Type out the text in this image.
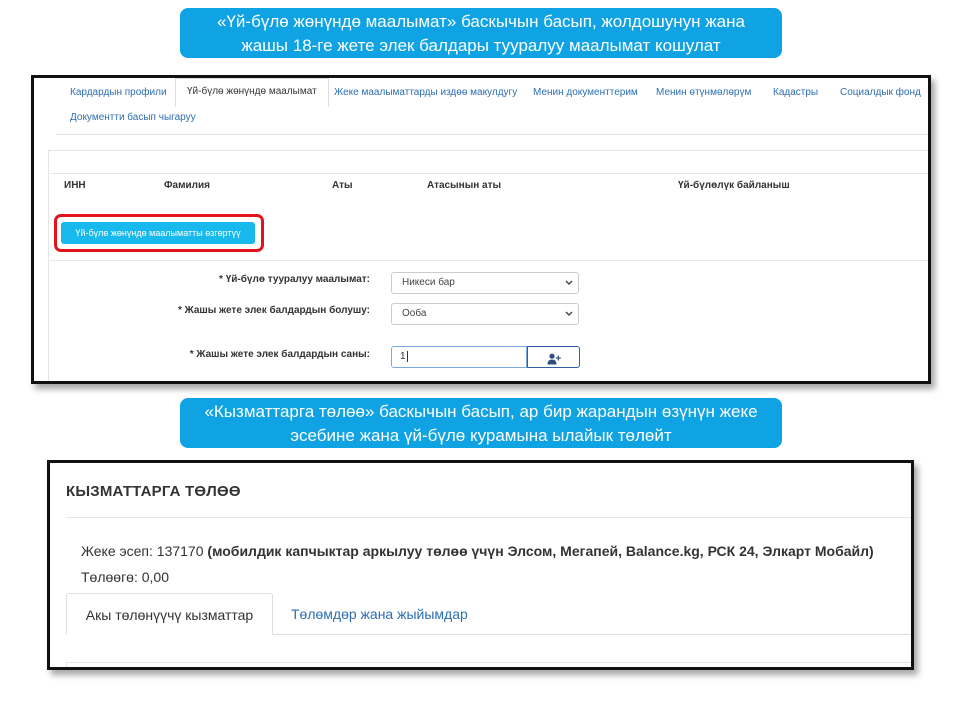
«Үй-бүлө жөнүндө маалымат» баскычын басып, жолдошунун жана
жашы 18-ге жете элек балдары тууралуу маалымат кошулат
Кардардын профили	Үй-бүлө жөнүндө маалымат	Жеке маалыматтарды издөө макулдугу Менин документтерим Менин өтүнмөлөрүм Кадастры Социалдык фонд
Документти басып чыгаруу
ИНН	Фамилия	Аты	Атасынын аты	Үй-бүлөлүк байланыш
Үй-бүлө жөнүндө маалыматты өзгөртүү
* Үй-бүлө тууралуу маалымат:	Никеси бар
* Жашы жете элек балдардын болушу:	Ооба
* Жашы жете элек балдардын саны:	1
«Кызматтарга төлөө» баскычын басып, ар бир жарандын өзүнүн жеке
эсебине жана үй-бүлө курамына ылайык төлөйт
КЫЗМАТТАРГА ТӨЛӨӨ
Жеке эсеп: 137170 (мобилдик капчыктар аркылуу төлөө үчүн Элсом, Мегапей, Balance.kg, РСК 24, Элкарт Мобайл)
Төлөөгө: 0,00
Акы төлөнүүчү кызматтар	Төлөмдөр жана жыйымдар
